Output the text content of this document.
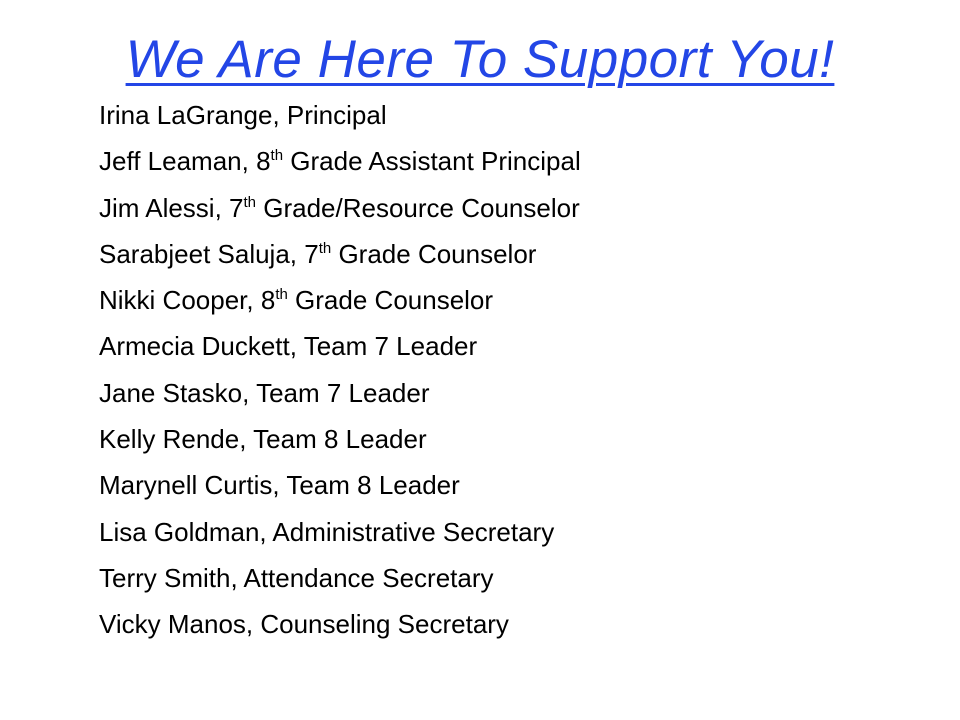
We Are Here To Support You!
Irina LaGrange, Principal
Jeff Leaman, 8th Grade Assistant Principal
Jim Alessi, 7th Grade/Resource Counselor
Sarabjeet Saluja, 7th Grade Counselor
Nikki Cooper, 8th Grade Counselor
Armecia Duckett, Team 7 Leader
Jane Stasko, Team 7 Leader
Kelly Rende, Team 8 Leader
Marynell Curtis, Team 8 Leader
Lisa Goldman, Administrative Secretary
Terry Smith, Attendance Secretary
Vicky Manos, Counseling Secretary
